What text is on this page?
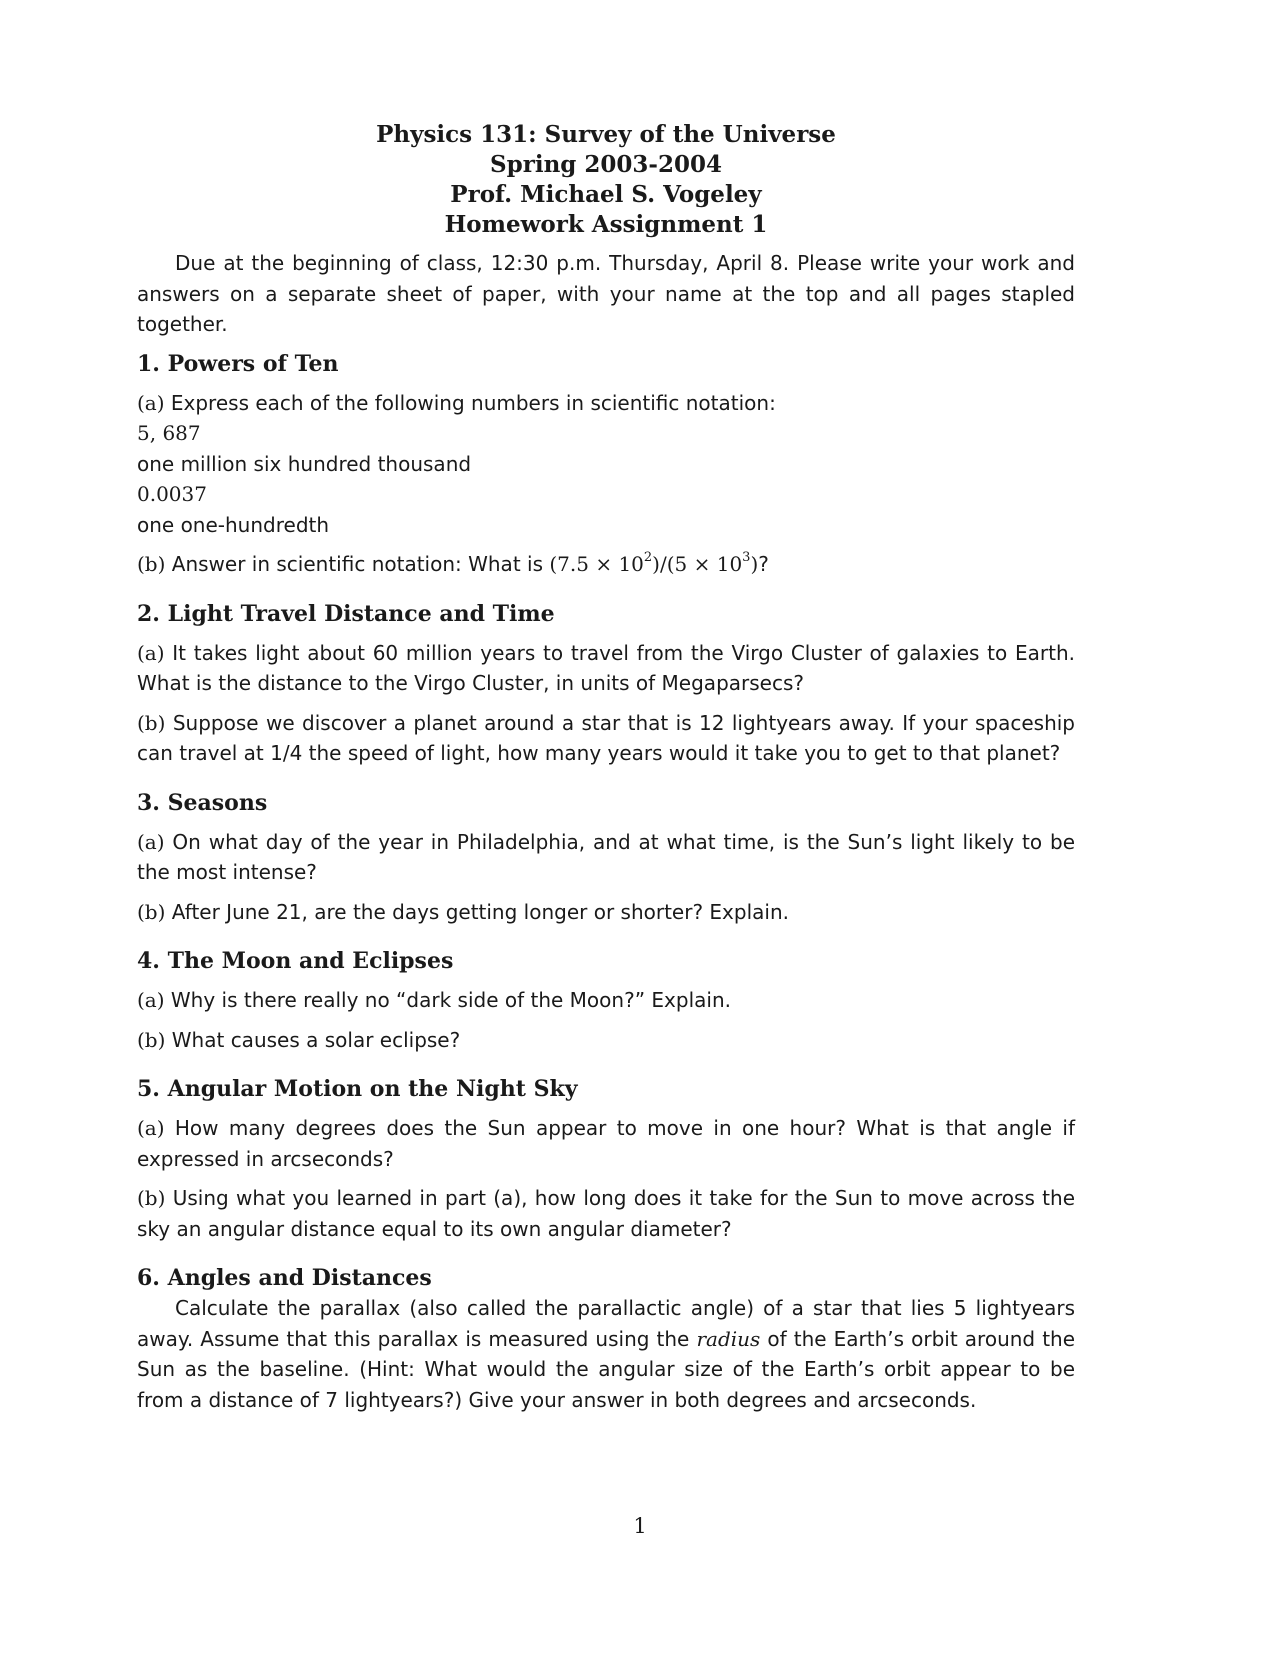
Physics 131: Survey of the Universe
Spring 2003-2004
Prof. Michael S. Vogeley
Homework Assignment 1

Due at the beginning of class, 12:30 p.m. Thursday, April 8. Please write your work and answers on a separate sheet of paper, with your name at the top and all pages stapled together.

1. Powers of Ten

(a) Express each of the following numbers in scientific notation:

5, 687
one million six hundred thousand
0.0037
one one-hundredth

(b) Answer in scientific notation: What is $(7.5 \times 10^2)/(5 \times 10^3)$?

2. Light Travel Distance and Time

(a) It takes light about 60 million years to travel from the Virgo Cluster of galaxies to Earth. What is the distance to the Virgo Cluster, in units of Megaparsecs?

(b) Suppose we discover a planet around a star that is 12 lightyears away. If your spaceship can travel at 1/4 the speed of light, how many years would it take you to get to that planet?

3. Seasons

(a) On what day of the year in Philadelphia, and at what time, is the Sun’s light likely to be the most intense?

(b) After June 21, are the days getting longer or shorter? Explain.

4. The Moon and Eclipses

(a) Why is there really no “dark side of the Moon?” Explain.

(b) What causes a solar eclipse?

5. Angular Motion on the Night Sky

(a) How many degrees does the Sun appear to move in one hour? What is that angle if expressed in arcseconds?

(b) Using what you learned in part (a), how long does it take for the Sun to move across the sky an angular distance equal to its own angular diameter?

6. Angles and Distances

Calculate the parallax (also called the parallactic angle) of a star that lies 5 lightyears away. Assume that this parallax is measured using the radius of the Earth’s orbit around the Sun as the baseline. (Hint: What would the angular size of the Earth’s orbit appear to be from a distance of 7 lightyears?) Give your answer in both degrees and arcseconds.

1
